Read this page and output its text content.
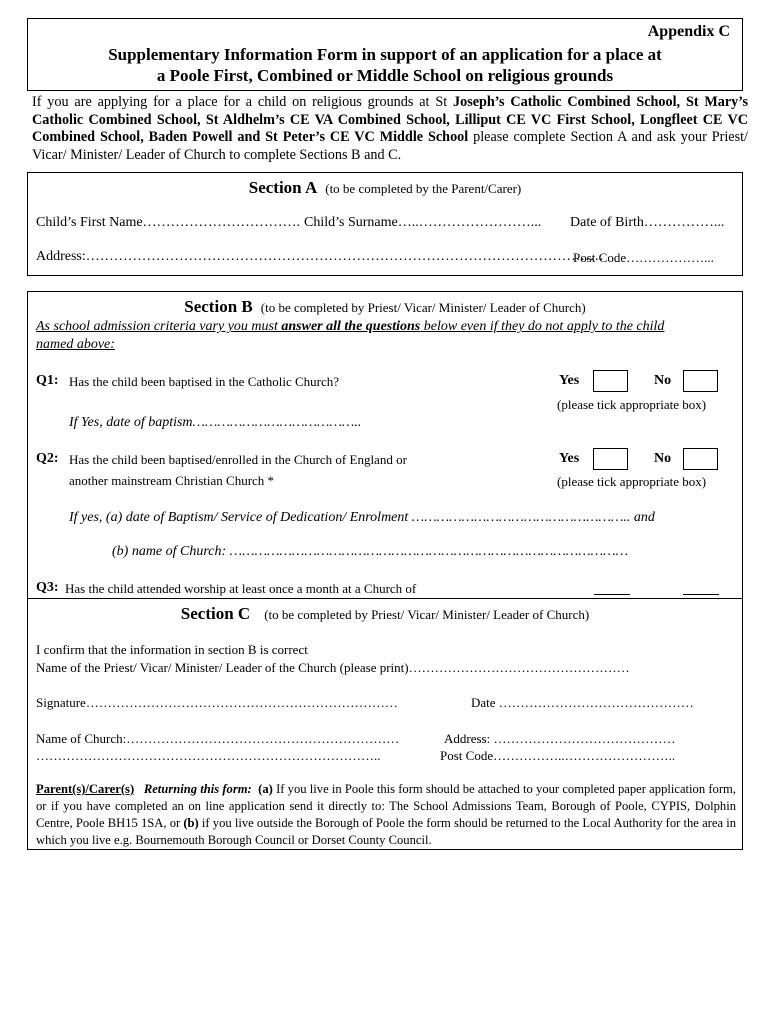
Appendix C
Supplementary Information Form in support of an application for a place at
a Poole First, Combined or Middle School on religious grounds
If you are applying for a place for a child on religious grounds at St Joseph’s Catholic Combined School, St Mary’s Catholic Combined School, St Aldhelm’s CE VA Combined School, Lilliput CE VC First School, Longfleet CE VC Combined School, Baden Powell and St Peter’s CE VC Middle School please complete Section A and ask your Priest/ Vicar/ Minister/ Leader of Church to complete Sections B and C.
Section A (to be completed by the Parent/Carer)
Child’s First Name……………………………. Child’s Surname…..……………………... Date of Birth……………...
Address:…………………………………………………………………………………………………
Post Code………………...
Section B (to be completed by Priest/ Vicar/ Minister/ Leader of Church)
As school admission criteria vary you must answer all the questions below even if they do not apply to the child
named above:
Q1: Has the child been baptised in the Catholic Church?	Yes	No
(please tick appropriate box)
If Yes, date of baptism…………………………………..
Q2: Has the child been baptised/enrolled in the Church of England or
another mainstream Christian Church *
Yes	No
(please tick appropriate box)
If yes, (a) date of Baptism/ Service of Dedication/ Enrolment …………………………………………….. and
(b) name of Church: ……………………………………………………………………………………
Q3: Has the child attended worship at least once a month at a Church of
Section C (to be completed by Priest/ Vicar/ Minister/ Leader of Church)
I confirm that the information in section B is correct
Name of the Priest/ Vicar/ Minister/ Leader of the Church (please print)……………………………………………
Signature………………………………………………………………	Date ………………………………………
Name of Church:………………………………………………………	Address: ……………………………………
……………………………………………………………………..	Post Code……………..……………………..
Parent(s)/Carer(s) Returning this form: (a) If you live in Poole this form should be attached to your completed paper application form, or if you have completed an on line application send it directly to: The School Admissions Team, Borough of Poole, CYPIS, Dolphin Centre, Poole BH15 1SA, or (b) if you live outside the Borough of Poole the form should be returned to the Local Authority for the area in which you live e.g. Bournemouth Borough Council or Dorset County Council.
